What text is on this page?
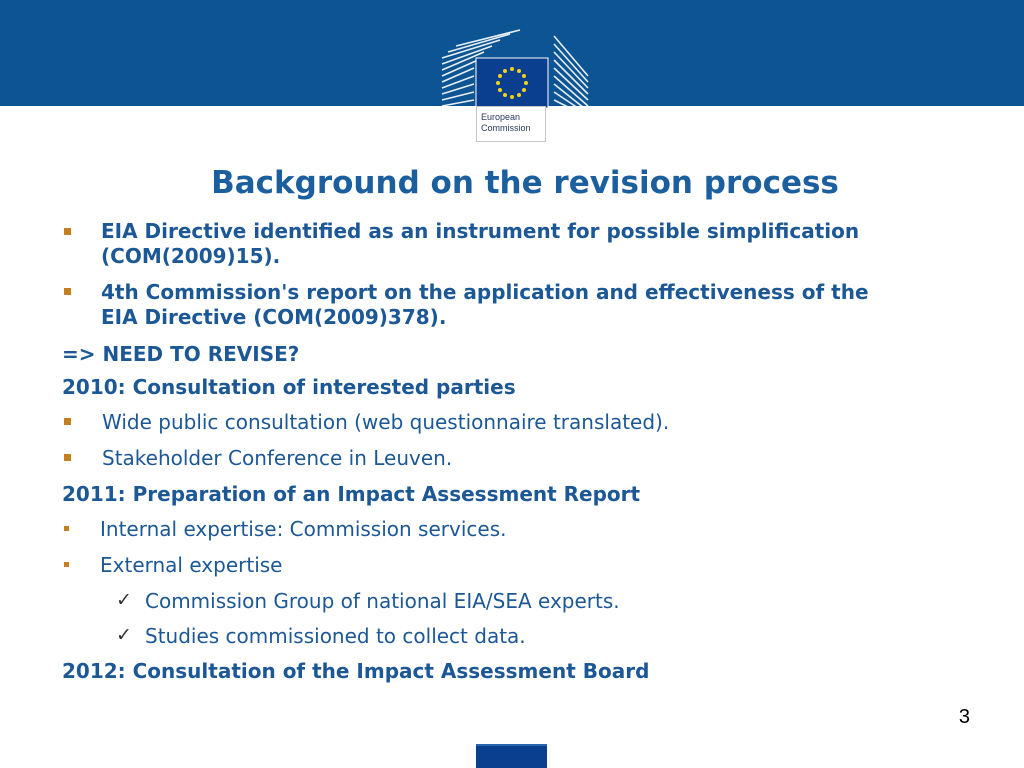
European
Commission
Background on the revision process
EIA Directive identified as an instrument for possible simplification
(COM(2009)15).
4th Commission's report on the application and effectiveness of the
EIA Directive (COM(2009)378).
=> NEED TO REVISE?
2010: Consultation of interested parties
Wide public consultation (web questionnaire translated).
Stakeholder Conference in Leuven.
2011: Preparation of an Impact Assessment Report
Internal expertise: Commission services.
External expertise
✓ Commission Group of national EIA/SEA experts.
✓ Studies commissioned to collect data.
2012: Consultation of the Impact Assessment Board
3
